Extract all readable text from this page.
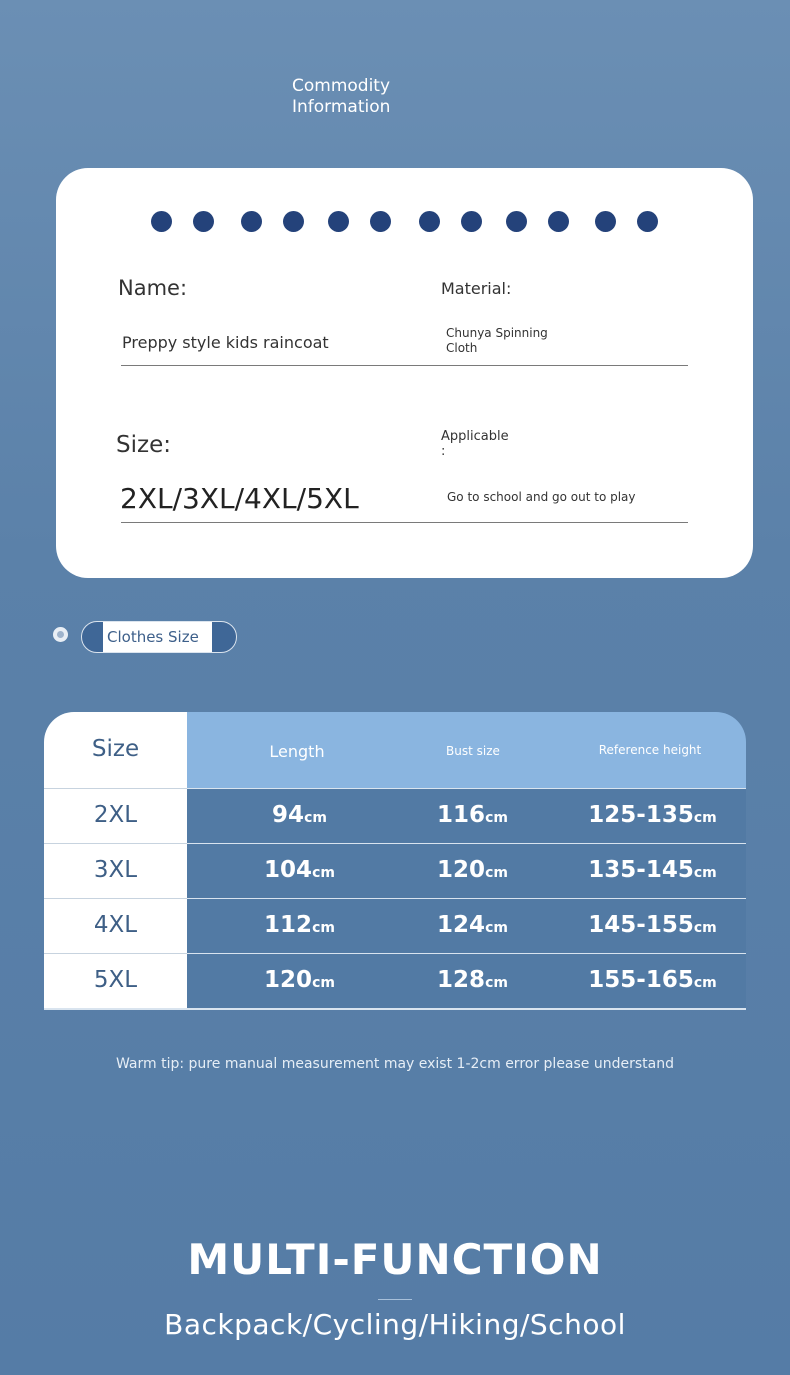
Commodity
Information
Name:	Material:
Preppy style kids raincoat	Chunya Spinning
Cloth
Size:	Applicable
:
2XL/3XL/4XL/5XL	Go to school and go out to play
Clothes Size
Size	Length	Bust size	Reference height
2XL	94cm	116cm	125-135cm
3XL	104cm	120cm	135-145cm
4XL	112cm	124cm	145-155cm
5XL	120cm	128cm	155-165cm
Warm tip: pure manual measurement may exist 1-2cm error please understand
MULTI-FUNCTION
Backpack/Cycling/Hiking/School
